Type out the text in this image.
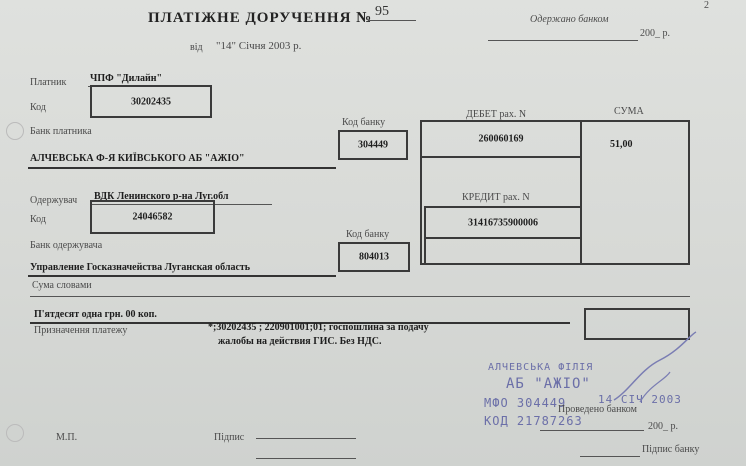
ПЛАТІЖНЕ ДОРУЧЕННЯ № 95
від "14" Січня 2003 р.
Одержано банком
200_ р.
2
Платник ЧПФ "Дилайн"
Код
30202435
Банк платника
АЛЧЕВСЬКА Ф-Я КИЇВСЬКОГО АБ "АЖІО"
Код банку
304449
ДЕБЕТ рах. N	СУМА
260060169	51,00
Одержувач ВДК Ленинского р-на Луг.обл
Код	24046582
Банк одержувача
Управление Госказначейства Луганская область
Код банку
804013
КРЕДИТ рах. N
31416735900006
Сума словами
П'ятдесят одна грн. 00 коп.
Призначення платежу	*;30202435 ; 220901001;01; госпошлина за подачу
жалобы на действия ГИС. Без НДС.
АЛЧЕВСЬКА ФІЛІЯ
АБ "АЖІО"
МФО 304449
КОД 21787263
14 СІЧ 2003
М.П.	Підпис
Проведено банком
200_ р.
Підпис банку
